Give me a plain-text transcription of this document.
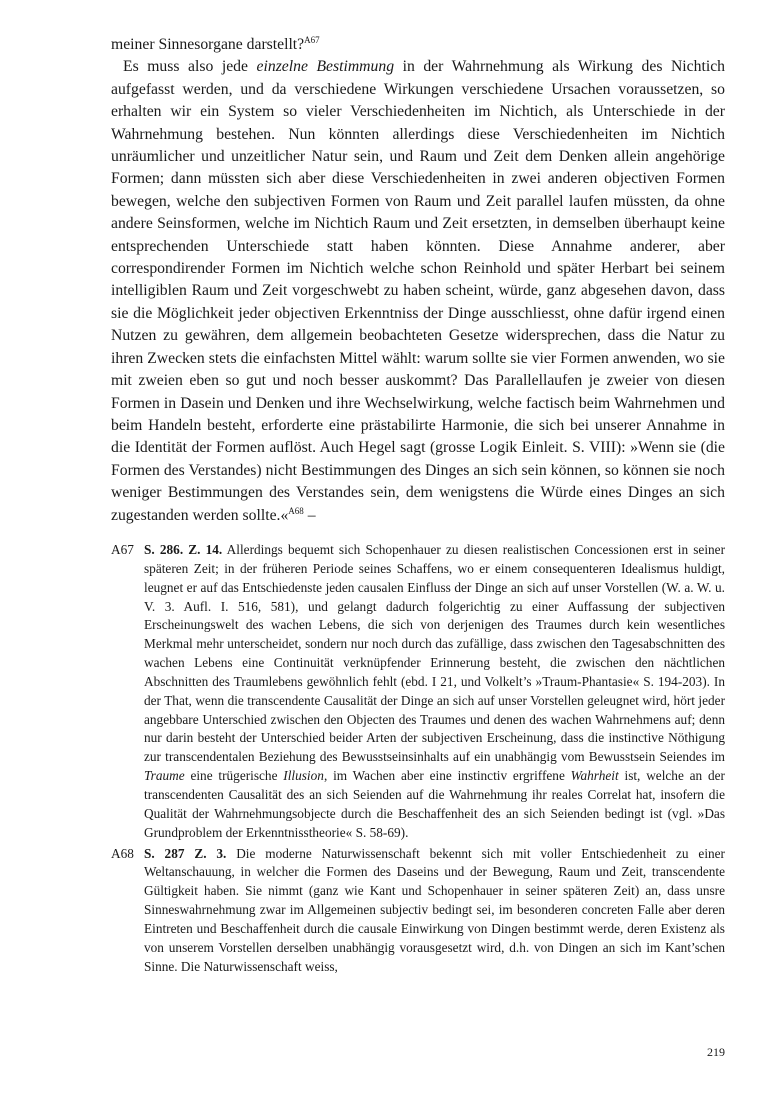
meiner Sinnesorgane darstellt?$^{A67}$

Es muss also jede einzelne Bestimmung in der Wahrnehmung als Wirkung des Nichtich aufgefasst werden, und da verschiedene Wirkungen verschiedene Ursachen voraussetzen, so erhalten wir ein System so vieler Verschiedenheiten im Nichtich, als Unterschiede in der Wahrnehmung bestehen. Nun könnten allerdings diese Verschiedenheiten im Nichtich unräumlicher und unzeitlicher Natur sein, und Raum und Zeit dem Denken allein angehörige Formen; dann müssten sich aber diese Verschiedenheiten in zwei anderen objectiven Formen bewegen, welche den subjectiven Formen von Raum und Zeit parallel laufen müssten, da ohne andere Seinsformen, welche im Nichtich Raum und Zeit ersetzten, in demselben überhaupt keine entsprechenden Unterschiede statt haben könnten. Diese Annahme anderer, aber correspondirender Formen im Nichtich welche schon Reinhold und später Herbart bei seinem intelligiblen Raum und Zeit vorgeschwebt zu haben scheint, würde, ganz abgesehen davon, dass sie die Möglichkeit jeder objectiven Erkenntniss der Dinge ausschliesst, ohne dafür irgend einen Nutzen zu gewähren, dem allgemein beobachteten Gesetze widersprechen, dass die Natur zu ihren Zwecken stets die einfachsten Mittel wählt: warum sollte sie vier Formen anwenden, wo sie mit zweien eben so gut und noch besser auskommt? Das Parallellaufen je zweier von diesen Formen in Dasein und Denken und ihre Wechselwirkung, welche factisch beim Wahrnehmen und beim Handeln besteht, erforderte eine prästabilirte Harmonie, die sich bei unserer Annahme in die Identität der Formen auflöst. Auch Hegel sagt (grosse Logik Einleit. S. VIII): »Wenn sie (die Formen des Verstandes) nicht Bestimmungen des Dinges an sich sein können, so können sie noch weniger Bestimmungen des Verstandes sein, dem wenigstens die Würde eines Dinges an sich zugestanden werden sollte.«$^{A68}$ –

A67 S. 286. Z. 14. Allerdings bequemt sich Schopenhauer zu diesen realistischen Concessionen erst in seiner späteren Zeit; in der früheren Periode seines Schaffens, wo er einem consequenteren Idealismus huldigt, leugnet er auf das Entschiedenste jeden causalen Einfluss der Dinge an sich auf unser Vorstellen (W. a. W. u. V. 3. Aufl. I. 516, 581), und gelangt dadurch folgerichtig zu einer Auffassung der subjectiven Erscheinungswelt des wachen Lebens, die sich von derjenigen des Traumes durch kein wesentliches Merkmal mehr unterscheidet, sondern nur noch durch das zufällige, dass zwischen den Tagesabschnitten des wachen Lebens eine Continuität verknüpfender Erinnerung besteht, die zwischen den nächtlichen Abschnitten des Traumlebens gewöhnlich fehlt (ebd. I 21, und Volkelt’s »Traum-Phantasie« S. 194-203). In der That, wenn die transcendente Causalität der Dinge an sich auf unser Vorstellen geleugnet wird, hört jeder angebbare Unterschied zwischen den Objecten des Traumes und denen des wachen Wahrnehmens auf; denn nur darin besteht der Unterschied beider Arten der subjectiven Erscheinung, dass die instinctive Nöthigung zur transcendentalen Beziehung des Bewusstseinsinhalts auf ein unabhängig vom Bewusstsein Seiendes im Traume eine trügerische Illusion, im Wachen aber eine instinctiv ergriffene Wahrheit ist, welche an der transcendenten Causalität des an sich Seienden auf die Wahrnehmung ihr reales Correlat hat, insofern die Qualität der Wahrnehmungsobjecte durch die Beschaffenheit des an sich Seienden bedingt ist (vgl. »Das Grundproblem der Erkenntnisstheorie« S. 58-69).
A68 S. 287 Z. 3. Die moderne Naturwissenschaft bekennt sich mit voller Entschiedenheit zu einer Weltanschauung, in welcher die Formen des Daseins und der Bewegung, Raum und Zeit, transcendente Gültigkeit haben. Sie nimmt (ganz wie Kant und Schopenhauer in seiner späteren Zeit) an, dass unsre Sinneswahrnehmung zwar im Allgemeinen subjectiv bedingt sei, im besonderen concreten Falle aber deren Eintreten und Beschaffenheit durch die causale Einwirkung von Dingen bestimmt werde, deren Existenz als von unserem Vorstellen derselben unabhängig vorausgesetzt wird, d.h. von Dingen an sich im Kant’schen Sinne. Die Naturwissenschaft weiss,
219
